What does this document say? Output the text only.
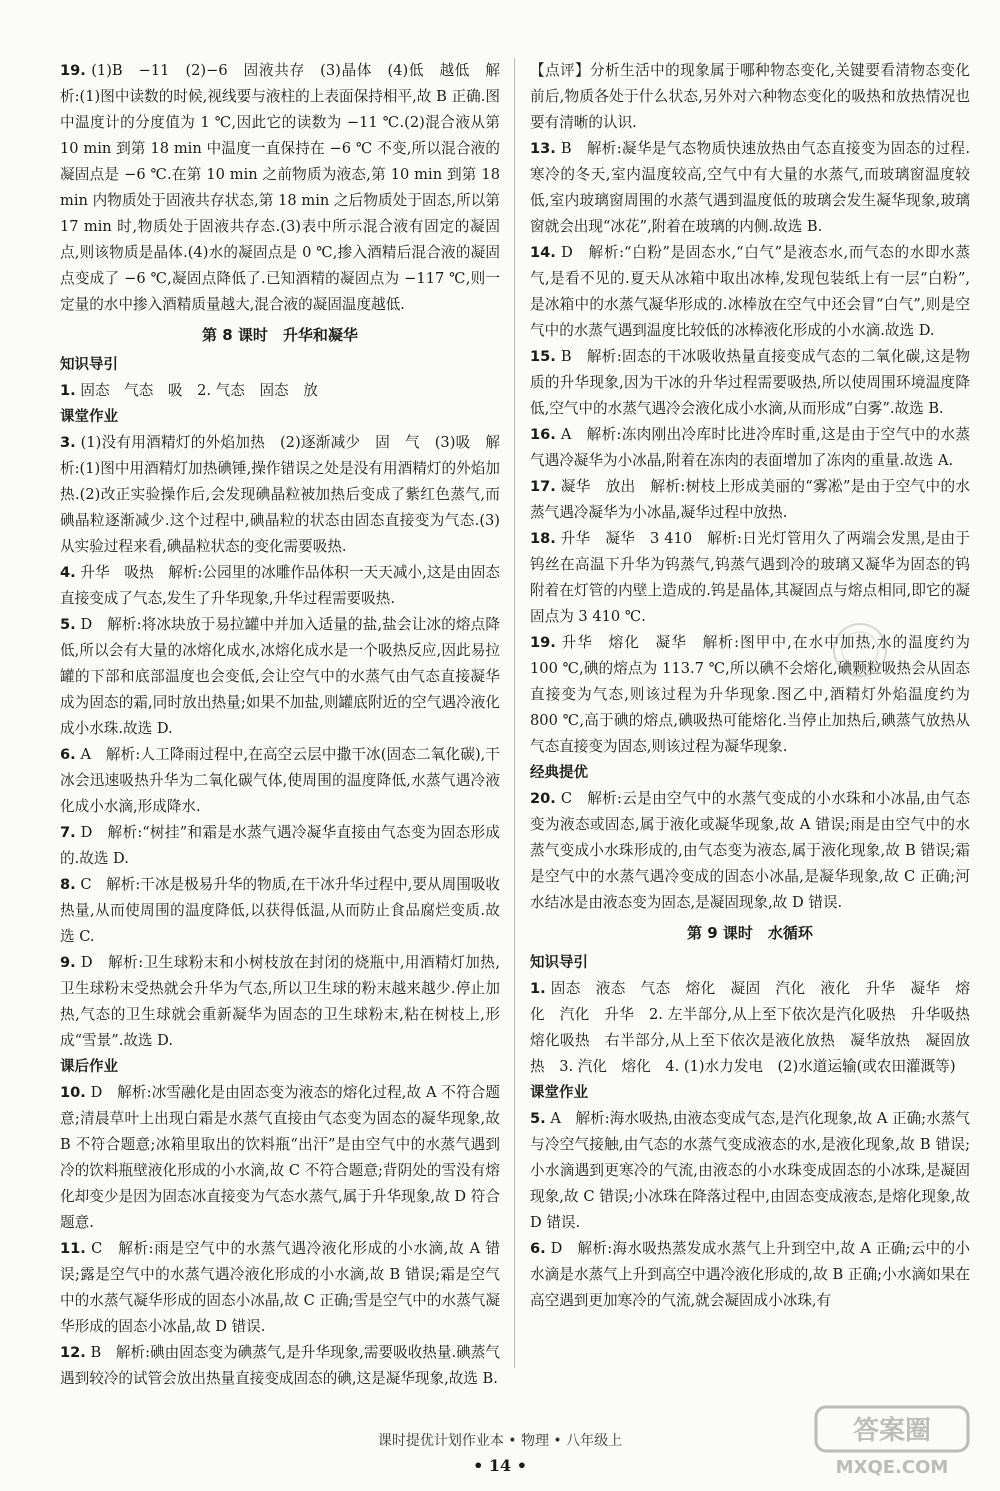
19. (1)B　−11　(2)−6　固液共存　(3)晶体　(4)低　越低　解析:(1)图中读数的时候,视线要与液柱的上表面保持相平,故 B 正确.图中温度计的分度值为 1 ℃,因此它的读数为 −11 ℃.(2)混合液从第 10 min 到第 18 min 中温度一直保持在 −6 ℃ 不变,所以混合液的凝固点是 −6 ℃.在第 10 min 之前物质为液态,第 10 min 到第 18 min 内物质处于固液共存状态,第 18 min 之后物质处于固态,所以第 17 min 时,物质处于固液共存态.(3)表中所示混合液有固定的凝固点,则该物质是晶体.(4)水的凝固点是 0 ℃,掺入酒精后混合液的凝固点变成了 −6 ℃,凝固点降低了.已知酒精的凝固点为 −117 ℃,则一定量的水中掺入酒精质量越大,混合液的凝固温度越低.

第 8 课时　升华和凝华
知识导引

1. 固态　气态　吸　2. 气态　固态　放

课堂作业

3. (1)没有用酒精灯的外焰加热　(2)逐渐减少　固　气　(3)吸　解析:(1)图中用酒精灯加热碘锤,操作错误之处是没有用酒精灯的外焰加热.(2)改正实验操作后,会发现碘晶粒被加热后变成了紫红色蒸气,而碘晶粒逐渐减少.这个过程中,碘晶粒的状态由固态直接变为气态.(3)从实验过程来看,碘晶粒状态的变化需要吸热.

4. 升华　吸热　解析:公园里的冰雕作品体积一天天减小,这是由固态直接变成了气态,发生了升华现象,升华过程需要吸热.

5. D　解析:将冰块放于易拉罐中并加入适量的盐,盐会让冰的熔点降低,所以会有大量的冰熔化成水,冰熔化成水是一个吸热反应,因此易拉罐的下部和底部温度也会变低,会让空气中的水蒸气由气态直接凝华成为固态的霜,同时放出热量;如果不加盐,则罐底附近的空气遇冷液化成小水珠.故选 D.

6. A　解析:人工降雨过程中,在高空云层中撒干冰(固态二氧化碳),干冰会迅速吸热升华为二氧化碳气体,使周围的温度降低,水蒸气遇冷液化成小水滴,形成降水.

7. D　解析:“树挂”和霜是水蒸气遇冷凝华直接由气态变为固态形成的.故选 D.

8. C　解析:干冰是极易升华的物质,在干冰升华过程中,要从周围吸收热量,从而使周围的温度降低,以获得低温,从而防止食品腐烂变质.故选 C.

9. D　解析:卫生球粉末和小树枝放在封闭的烧瓶中,用酒精灯加热,卫生球粉末受热就会升华为气态,所以卫生球的粉末越来越少.停止加热,气态的卫生球就会重新凝华为固态的卫生球粉末,粘在树枝上,形成“雪景”.故选 D.

课后作业

10. D　解析:冰雪融化是由固态变为液态的熔化过程,故 A 不符合题意;清晨草叶上出现白霜是水蒸气直接由气态变为固态的凝华现象,故 B 不符合题意;冰箱里取出的饮料瓶“出汗”是由空气中的水蒸气遇到冷的饮料瓶壁液化形成的小水滴,故 C 不符合题意;背阴处的雪没有熔化却变少是因为固态冰直接变为气态水蒸气,属于升华现象,故 D 符合题意.

11. C　解析:雨是空气中的水蒸气遇冷液化形成的小水滴,故 A 错误;露是空气中的水蒸气遇冷液化形成的小水滴,故 B 错误;霜是空气中的水蒸气凝华形成的固态小冰晶,故 C 正确;雪是空气中的水蒸气凝华形成的固态小冰晶,故 D 错误.

12. B　解析:碘由固态变为碘蒸气,是升华现象,需要吸收热量.碘蒸气遇到较冷的试管会放出热量直接变成固态的碘,这是凝华现象,故选 B.

【点评】分析生活中的现象属于哪种物态变化,关键要看清物态变化前后,物质各处于什么状态,另外对六种物态变化的吸热和放热情况也要有清晰的认识.

13. B　解析:凝华是气态物质快速放热由气态直接变为固态的过程.寒冷的冬天,室内温度较高,空气中有大量的水蒸气,而玻璃窗温度较低,室内玻璃窗周围的水蒸气遇到温度低的玻璃会发生凝华现象,玻璃窗就会出现“冰花”,附着在玻璃的内侧.故选 B.

14. D　解析:“白粉”是固态水,“白气”是液态水,而气态的水即水蒸气,是看不见的.夏天从冰箱中取出冰棒,发现包装纸上有一层“白粉”,是冰箱中的水蒸气凝华形成的.冰棒放在空气中还会冒“白气”,则是空气中的水蒸气遇到温度比较低的冰棒液化形成的小水滴.故选 D.

15. B　解析:固态的干冰吸收热量直接变成气态的二氧化碳,这是物质的升华现象,因为干冰的升华过程需要吸热,所以使周围环境温度降低,空气中的水蒸气遇冷会液化成小水滴,从而形成“白雾”.故选 B.

16. A　解析:冻肉刚出冷库时比进冷库时重,这是由于空气中的水蒸气遇冷凝华为小冰晶,附着在冻肉的表面增加了冻肉的重量.故选 A.

17. 凝华　放出　解析:树枝上形成美丽的“雾凇”是由于空气中的水蒸气遇冷凝华为小冰晶,凝华过程中放热.

18. 升华　凝华　3 410　解析:日光灯管用久了两端会发黑,是由于钨丝在高温下升华为钨蒸气,钨蒸气遇到冷的玻璃又凝华为固态的钨附着在灯管的内壁上造成的.钨是晶体,其凝固点与熔点相同,即它的凝固点为 3 410 ℃.

19. 升华　熔化　凝华　解析:图甲中,在水中加热,水的温度约为 100 ℃,碘的熔点为 113.7 ℃,所以碘不会熔化,碘颗粒吸热会从固态直接变为气态,则该过程为升华现象.图乙中,酒精灯外焰温度约为 800 ℃,高于碘的熔点,碘吸热可能熔化.当停止加热后,碘蒸气放热从气态直接变为固态,则该过程为凝华现象.

经典提优

20. C　解析:云是由空气中的水蒸气变成的小水珠和小冰晶,由气态变为液态或固态,属于液化或凝华现象,故 A 错误;雨是由空气中的水蒸气变成小水珠形成的,由气态变为液态,属于液化现象,故 B 错误;霜是空气中的水蒸气遇冷变成的固态小冰晶,是凝华现象,故 C 正确;河水结冰是由液态变为固态,是凝固现象,故 D 错误.

第 9 课时　水循环
知识导引

1. 固态　液态　气态　熔化　凝固　汽化　液化　升华　凝华　熔化　汽化　升华　2. 左半部分,从上至下依次是汽化吸热　升华吸热　熔化吸热　右半部分,从上至下依次是液化放热　凝华放热　凝固放热　3. 汽化　熔化　4. (1)水力发电　(2)水道运输(或农田灌溉等)

课堂作业

5. A　解析:海水吸热,由液态变成气态,是汽化现象,故 A 正确;水蒸气与冷空气接触,由气态的水蒸气变成液态的水,是液化现象,故 B 错误;小水滴遇到更寒冷的气流,由液态的小水珠变成固态的小冰珠,是凝固现象,故 C 错误;小冰珠在降落过程中,由固态变成液态,是熔化现象,故 D 错误.

6. D　解析:海水吸热蒸发成水蒸气上升到空中,故 A 正确;云中的小水滴是水蒸气上升到高空中遇冷液化形成的,故 B 正确;小水滴如果在高空遇到更加寒冷的气流,就会凝固成小冰珠,有

课时提优计划作业本 • 物理 • 八年级上
• 14 •
答案圈
MXQE.COM
